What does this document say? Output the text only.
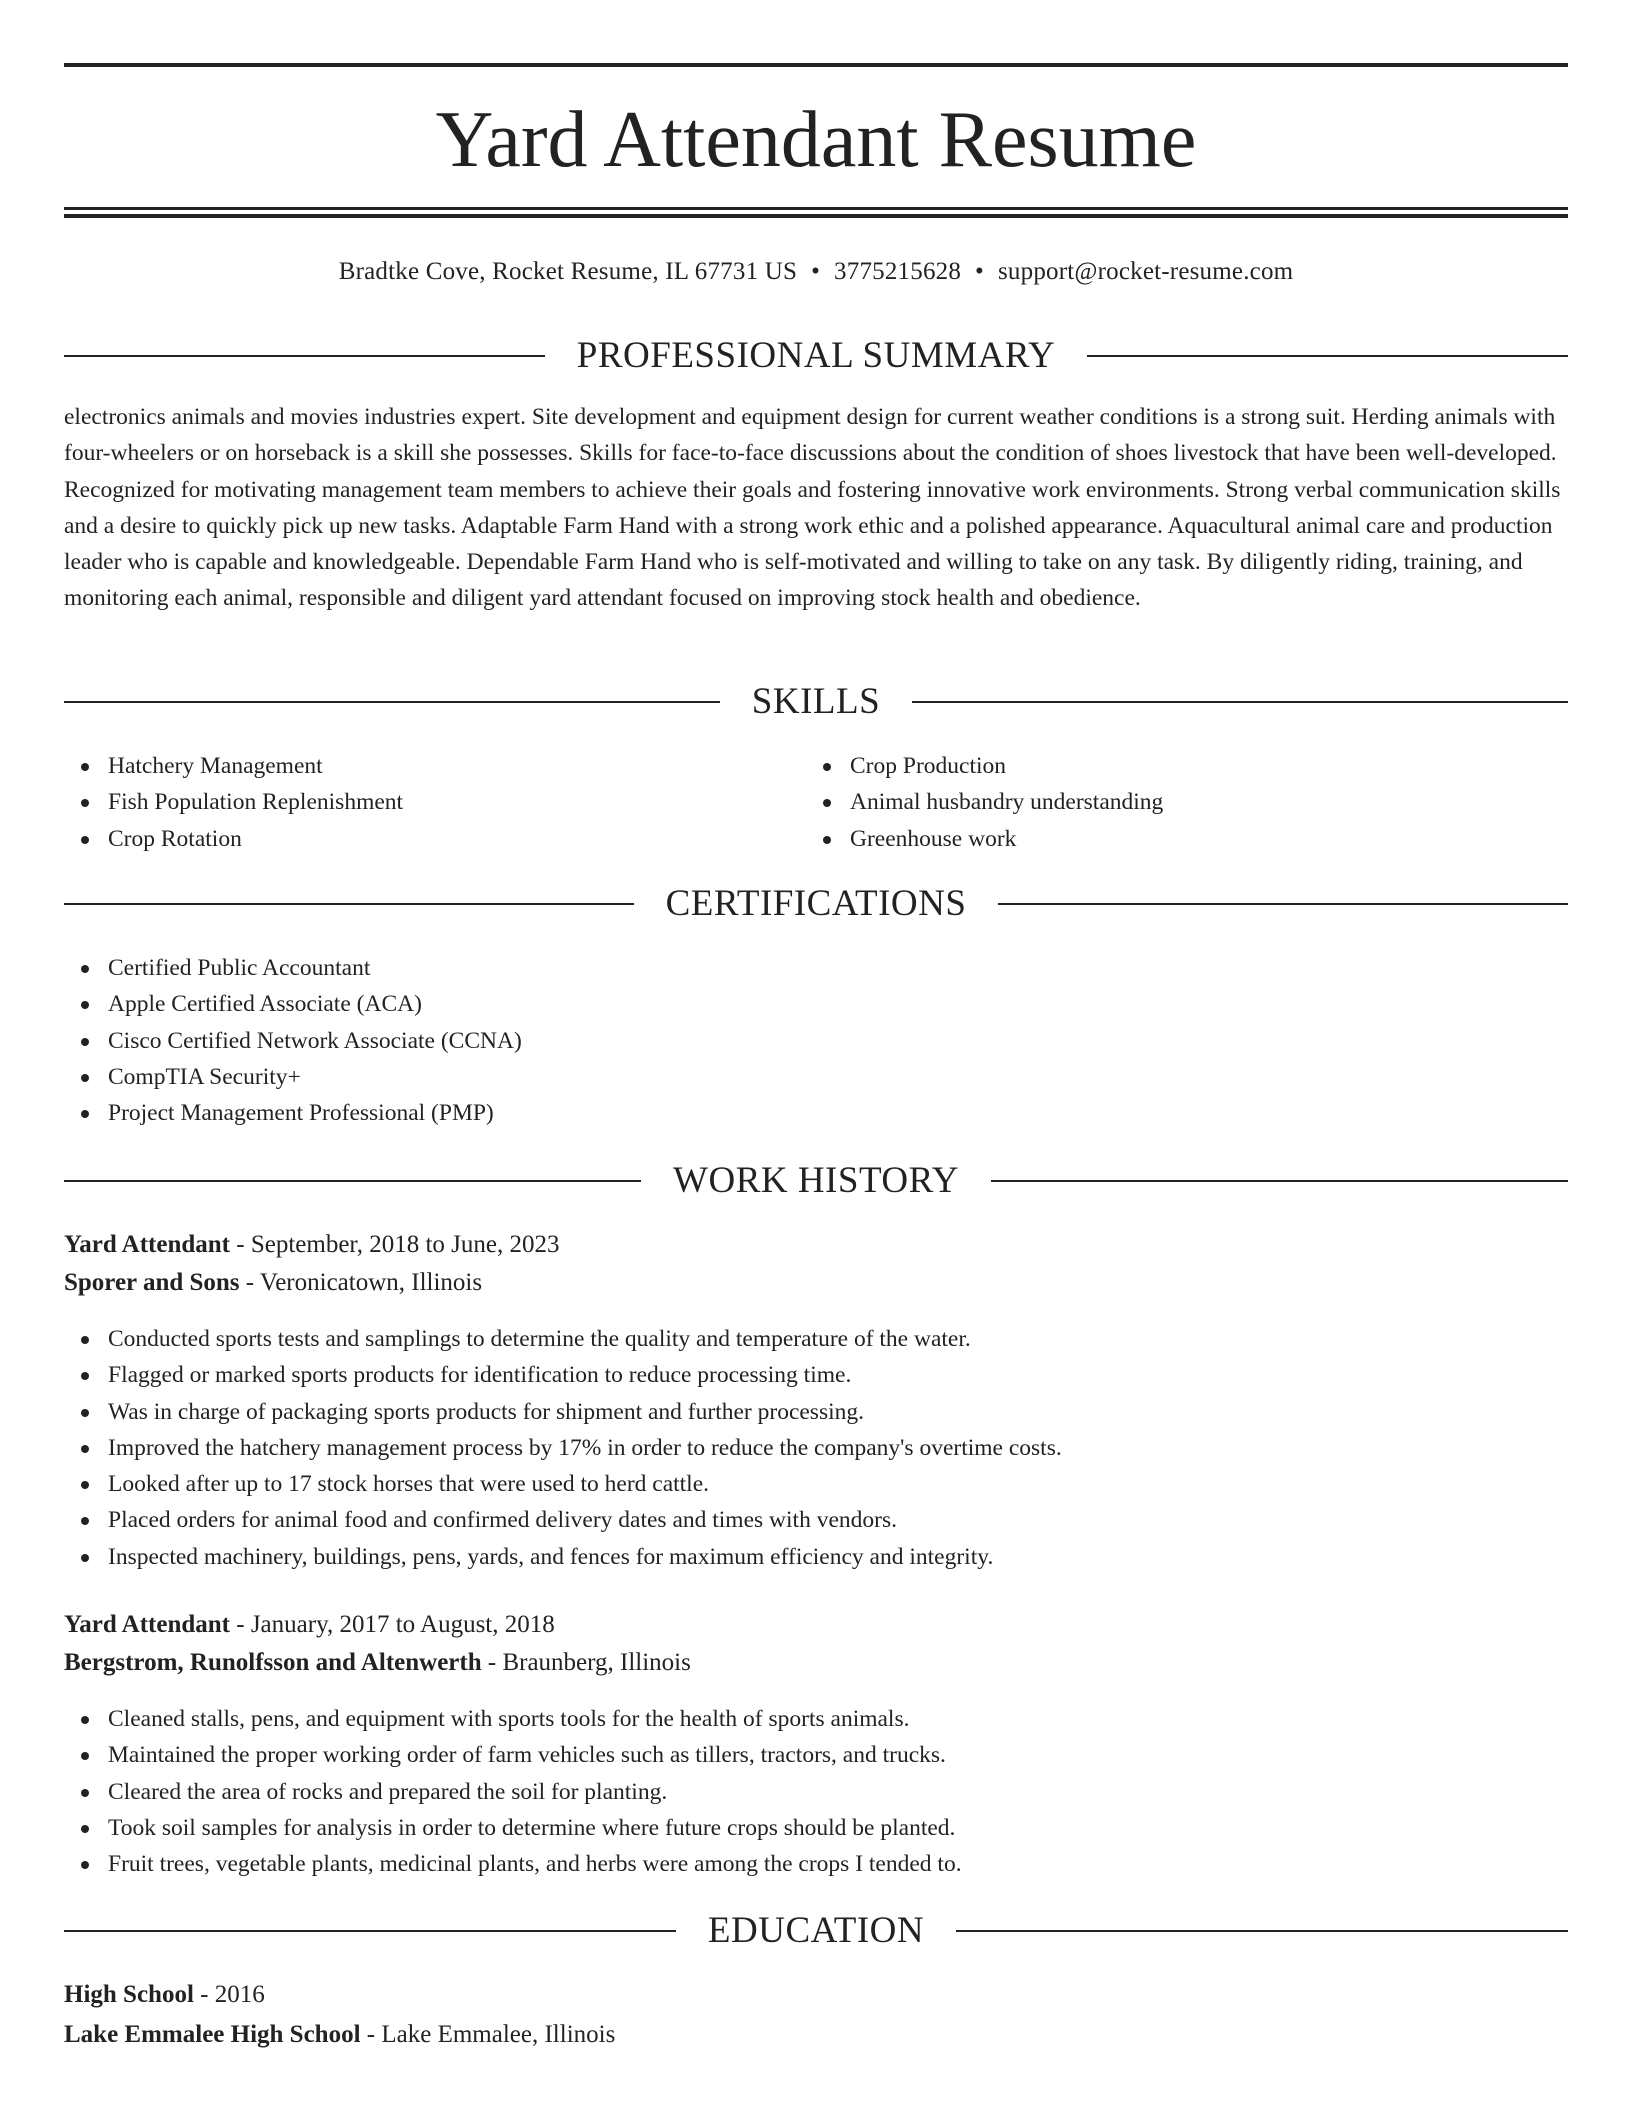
Yard Attendant Resume
Bradtke Cove, Rocket Resume, IL 67731 US • 3775215628 • support@rocket-resume.com
PROFESSIONAL SUMMARY

electronics animals and movies industries expert. Site development and equipment design for current weather conditions is a strong suit. Herding animals with four-wheelers or on horseback is a skill she possesses. Skills for face-to-face discussions about the condition of shoes livestock that have been well-developed. Recognized for motivating management team members to achieve their goals and fostering innovative work environments. Strong verbal communication skills and a desire to quickly pick up new tasks. Adaptable Farm Hand with a strong work ethic and a polished appearance. Aquacultural animal care and production leader who is capable and knowledgeable. Dependable Farm Hand who is self-motivated and willing to take on any task. By diligently riding, training, and monitoring each animal, responsible and diligent yard attendant focused on improving stock health and obedience.

SKILLS
Hatchery Management
Fish Population Replenishment
Crop Rotation
Crop Production
Animal husbandry understanding
Greenhouse work
CERTIFICATIONS
Certified Public Accountant
Apple Certified Associate (ACA)
Cisco Certified Network Associate (CCNA)
CompTIA Security+
Project Management Professional (PMP)
WORK HISTORY
Yard Attendant - September, 2018 to June, 2023
Sporer and Sons - Veronicatown, Illinois
Conducted sports tests and samplings to determine the quality and temperature of the water.
Flagged or marked sports products for identification to reduce processing time.
Was in charge of packaging sports products for shipment and further processing.
Improved the hatchery management process by 17% in order to reduce the company's overtime costs.
Looked after up to 17 stock horses that were used to herd cattle.
Placed orders for animal food and confirmed delivery dates and times with vendors.
Inspected machinery, buildings, pens, yards, and fences for maximum efficiency and integrity.
Yard Attendant - January, 2017 to August, 2018
Bergstrom, Runolfsson and Altenwerth - Braunberg, Illinois
Cleaned stalls, pens, and equipment with sports tools for the health of sports animals.
Maintained the proper working order of farm vehicles such as tillers, tractors, and trucks.
Cleared the area of rocks and prepared the soil for planting.
Took soil samples for analysis in order to determine where future crops should be planted.
Fruit trees, vegetable plants, medicinal plants, and herbs were among the crops I tended to.
EDUCATION
High School - 2016
Lake Emmalee High School - Lake Emmalee, Illinois
